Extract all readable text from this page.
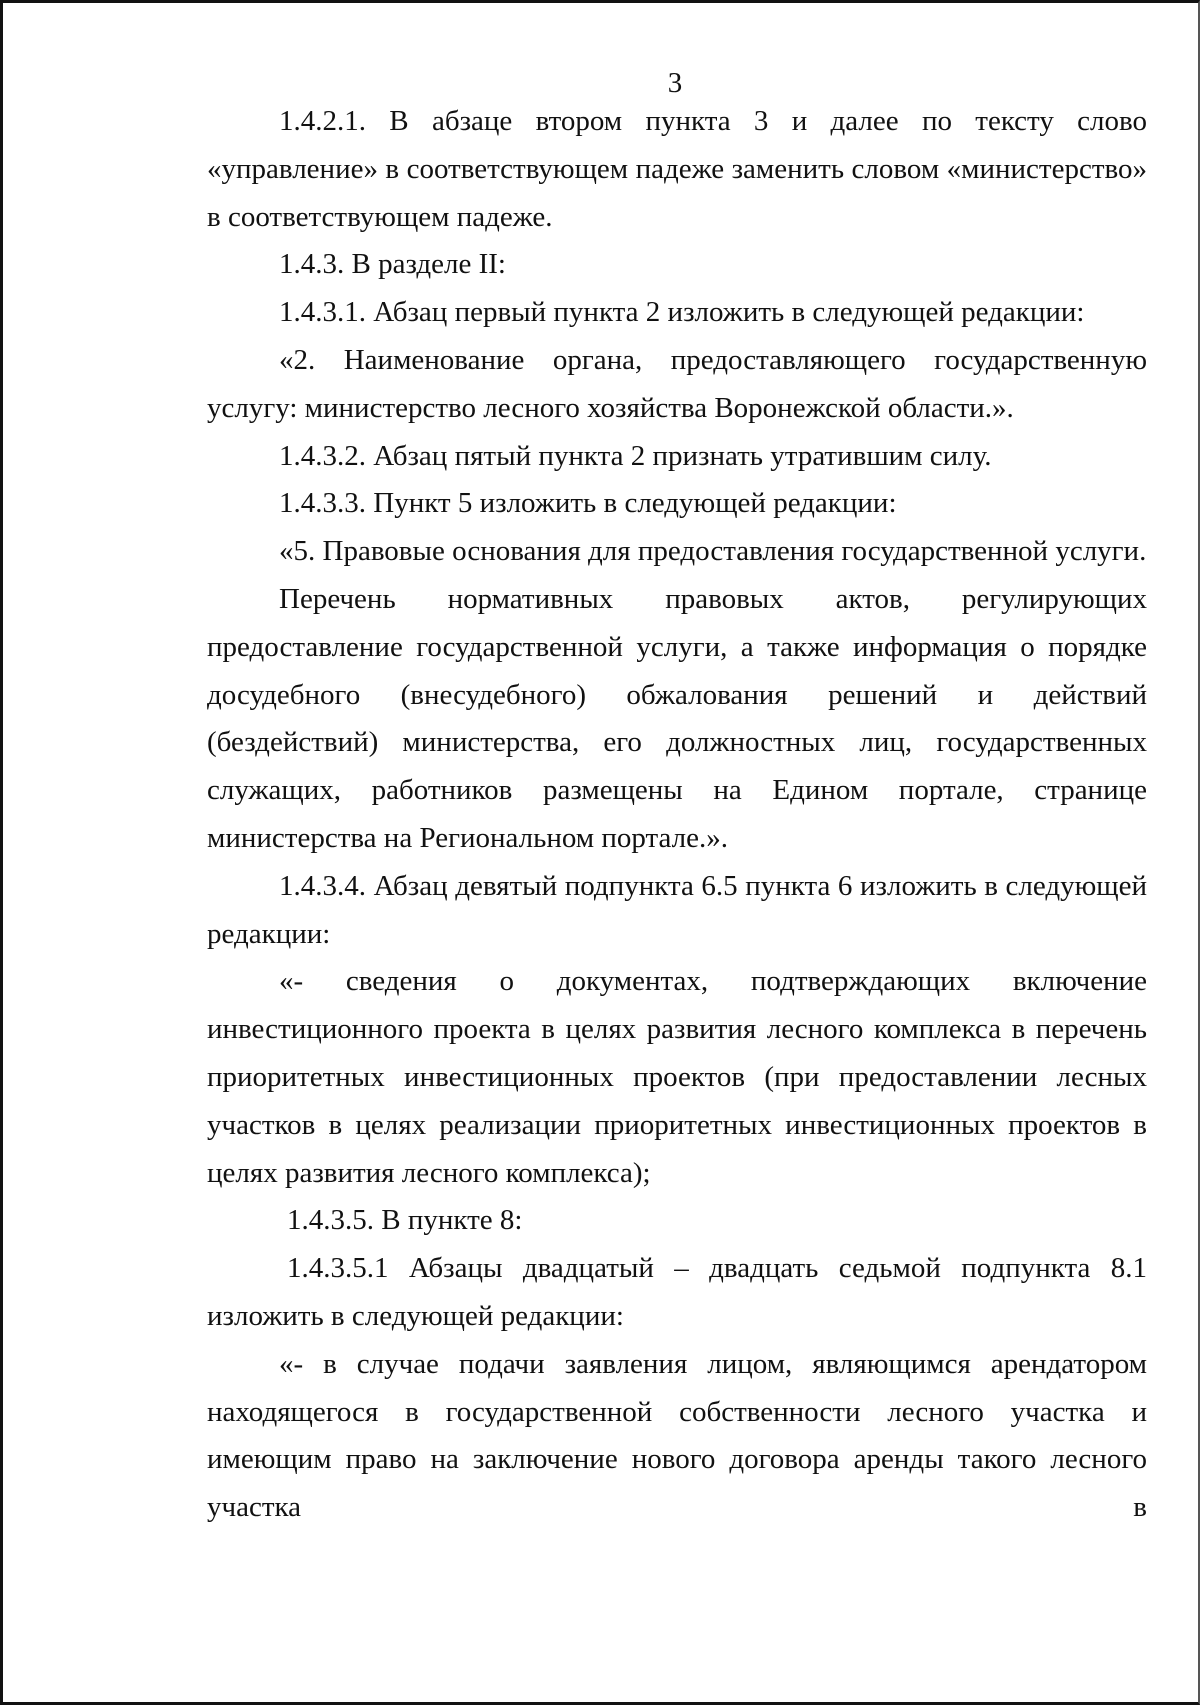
3

1.4.2.1. В абзаце втором пункта 3 и далее по тексту слово «управление» в соответствующем падеже заменить словом «министерство» в соответствующем падеже.

1.4.3. В разделе II:

1.4.3.1. Абзац первый пункта 2 изложить в следующей редакции:

«2. Наименование органа, предоставляющего государственную услугу: министерство лесного хозяйства Воронежской области.».

1.4.3.2. Абзац пятый пункта 2 признать утратившим силу.

1.4.3.3. Пункт 5 изложить в следующей редакции:

«5. Правовые основания для предоставления государственной услуги.

Перечень нормативных правовых актов, регулирующих предоставление государственной услуги, а также информация о порядке досудебного (внесудебного) обжалования решений и действий (бездействий) министерства, его должностных лиц, государственных служащих, работников размещены на Едином портале, странице министерства на Региональном портале.».

1.4.3.4. Абзац девятый подпункта 6.5 пункта 6 изложить в следующей редакции:

«- сведения о документах, подтверждающих включение инвестиционного проекта в целях развития лесного комплекса в перечень приоритетных инвестиционных проектов (при предоставлении лесных участков в целях реализации приоритетных инвестиционных проектов в целях развития лесного комплекса);

1.4.3.5. В пункте 8:

1.4.3.5.1 Абзацы двадцатый – двадцать седьмой подпункта 8.1 изложить в следующей редакции:

«- в случае подачи заявления лицом, являющимся арендатором находящегося в государственной собственности лесного участка и имеющим право на заключение нового договора аренды такого лесного участка в
